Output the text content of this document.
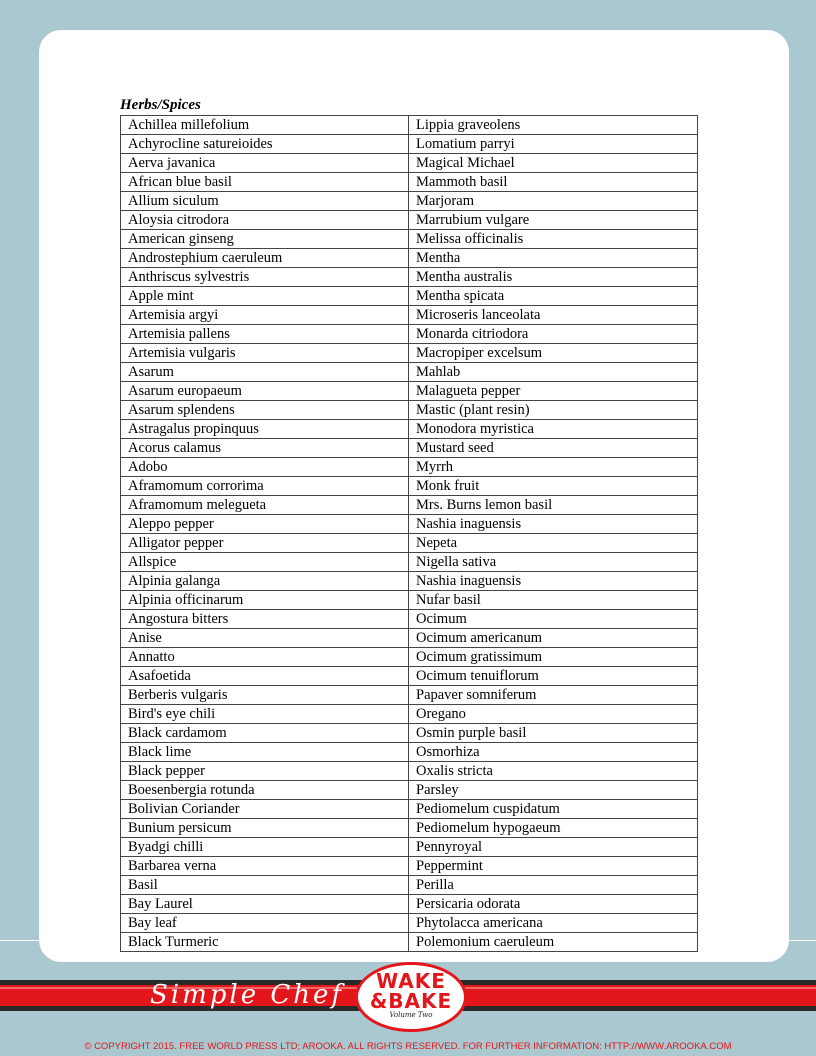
Herbs/Spices
Achillea millefolium	Lippia graveolens
Achyrocline satureioides	Lomatium parryi
Aerva javanica	Magical Michael
African blue basil	Mammoth basil
Allium siculum	Marjoram
Aloysia citrodora	Marrubium vulgare
American ginseng	Melissa officinalis
Androstephium caeruleum	Mentha
Anthriscus sylvestris	Mentha australis
Apple mint	Mentha spicata
Artemisia argyi	Microseris lanceolata
Artemisia pallens	Monarda citriodora
Artemisia vulgaris	Macropiper excelsum
Asarum	Mahlab
Asarum europaeum	Malagueta pepper
Asarum splendens	Mastic (plant resin)
Astragalus propinquus	Monodora myristica
Acorus calamus	Mustard seed
Adobo	Myrrh
Aframomum corrorima	Monk fruit
Aframomum melegueta	Mrs. Burns lemon basil
Aleppo pepper	Nashia inaguensis
Alligator pepper	Nepeta
Allspice	Nigella sativa
Alpinia galanga	Nashia inaguensis
Alpinia officinarum	Nufar basil
Angostura bitters	Ocimum
Anise	Ocimum americanum
Annatto	Ocimum gratissimum
Asafoetida	Ocimum tenuiflorum
Berberis vulgaris	Papaver somniferum
Bird's eye chili	Oregano
Black cardamom	Osmin purple basil
Black lime	Osmorhiza
Black pepper	Oxalis stricta
Boesenbergia rotunda	Parsley
Bolivian Coriander	Pediomelum cuspidatum
Bunium persicum	Pediomelum hypogaeum
Byadgi chilli	Pennyroyal
Barbarea verna	Peppermint
Basil	Perilla
Bay Laurel	Persicaria odorata
Bay leaf	Phytolacca americana
Black Turmeric	Polemonium caeruleum
Simple Chef	WAKE
&BAKE
Volume Two
© COPYRIGHT 2015. FREE WORLD PRESS LTD; AROOKA. ALL RIGHTS RESERVED. FOR FURTHER INFORMATION: HTTP://WWW.AROOKA.COM
